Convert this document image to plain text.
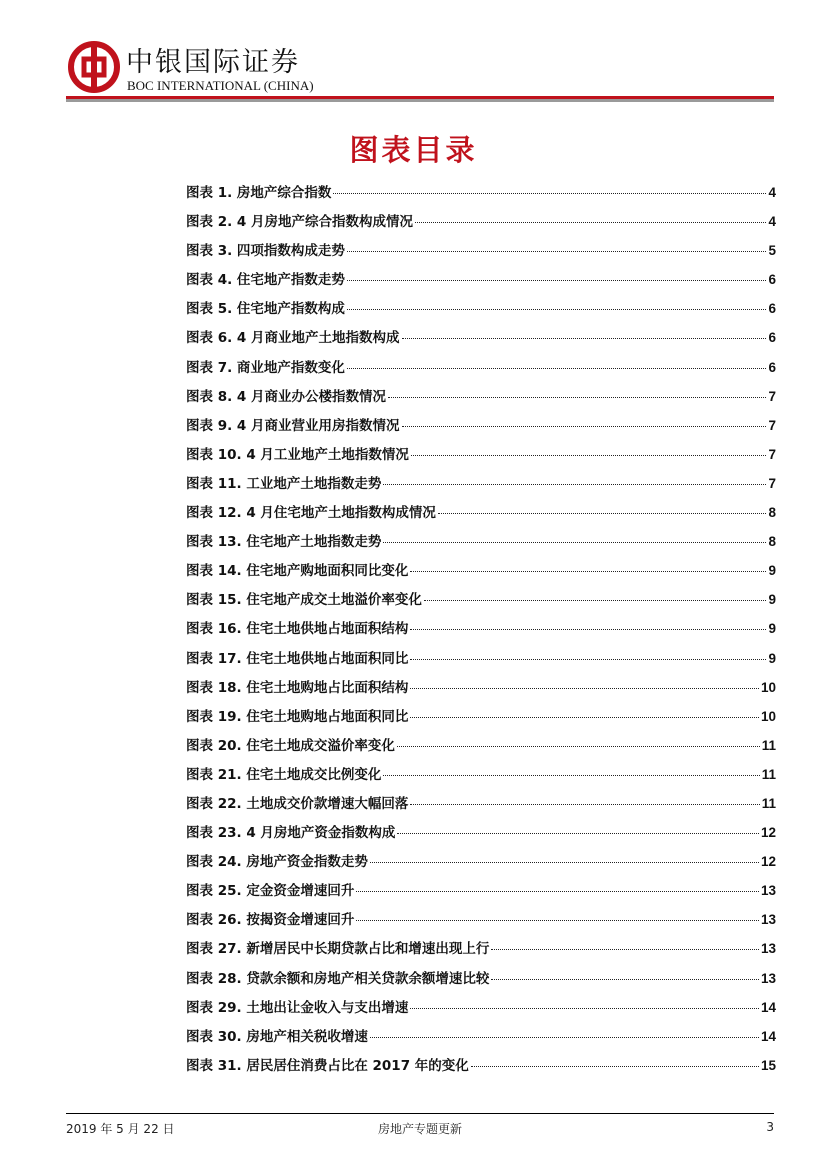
中银国际证券
BOC INTERNATIONAL (CHINA)
图表目录
图表 1. 房地产综合指数	4
图表 2. 4 月房地产综合指数构成情况	4
图表 3. 四项指数构成走势	5
图表 4. 住宅地产指数走势	6
图表 5. 住宅地产指数构成	6
图表 6. 4 月商业地产土地指数构成	6
图表 7. 商业地产指数变化	6
图表 8. 4 月商业办公楼指数情况	7
图表 9. 4 月商业营业用房指数情况	7
图表 10. 4 月工业地产土地指数情况	7
图表 11. 工业地产土地指数走势	7
图表 12. 4 月住宅地产土地指数构成情况	8
图表 13. 住宅地产土地指数走势	8
图表 14. 住宅地产购地面积同比变化	9
图表 15. 住宅地产成交土地溢价率变化	9
图表 16. 住宅土地供地占地面积结构	9
图表 17. 住宅土地供地占地面积同比	9
图表 18. 住宅土地购地占比面积结构	10
图表 19. 住宅土地购地占地面积同比	10
图表 20. 住宅土地成交溢价率变化	11
图表 21. 住宅土地成交比例变化	11
图表 22. 土地成交价款增速大幅回落	11
图表 23. 4 月房地产资金指数构成	12
图表 24. 房地产资金指数走势	12
图表 25. 定金资金增速回升	13
图表 26. 按揭资金增速回升	13
图表 27. 新增居民中长期贷款占比和增速出现上行	13
图表 28. 贷款余额和房地产相关贷款余额增速比较	13
图表 29. 土地出让金收入与支出增速	14
图表 30. 房地产相关税收增速	14
图表 31. 居民居住消费占比在 2017 年的变化	15
2019 年 5 月 22 日	房地产专题更新	3
